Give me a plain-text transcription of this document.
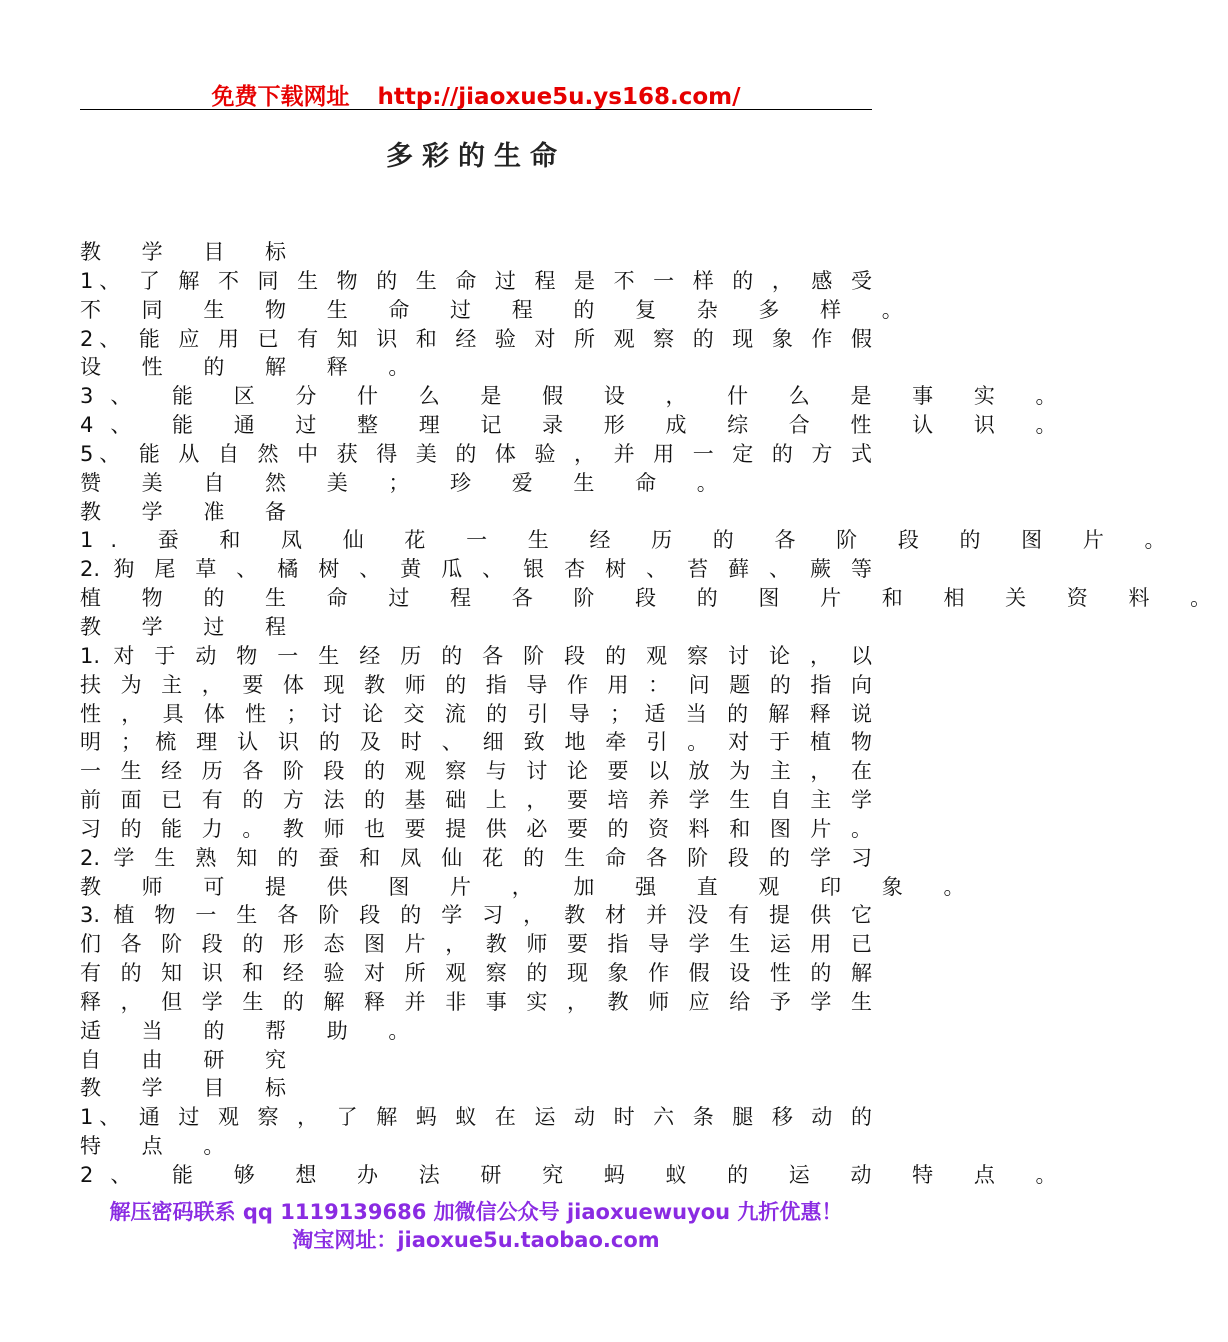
免费下载网址 http://jiaoxue5u.ys168.com/
多彩的生命
教 学 目 标
1、 了 解 不 同 生 物 的 生 命 过 程 是 不 一 样 的 ， 感 受
不 同 生 物 生 命 过 程 的 复 杂 多 样 。
2、 能 应 用 已 有 知 识 和 经 验 对 所 观 察 的 现 象 作 假
设 性 的 解 释 。
3、 能 区 分 什 么 是 假 设 ， 什 么 是 事 实 。
4、 能 通 过 整 理 记 录 形 成 综 合 性 认 识 。
5、 能 从 自 然 中 获 得 美 的 体 验 ， 并 用 一 定 的 方 式
赞 美 自 然 美 ； 珍 爱 生 命 。
教 学 准 备
1. 蚕 和 凤 仙 花 一 生 经 历 的 各 阶 段 的 图 片 。
2. 狗 尾 草 、 橘 树 、 黄 瓜 、 银 杏 树 、 苔 藓 、 蕨 等
植 物 的 生 命 过 程 各 阶 段 的 图 片 和 相 关 资 料 。
教 学 过 程
1. 对 于 动 物 一 生 经 历 的 各 阶 段 的 观 察 讨 论 ， 以
扶 为 主 ， 要 体 现 教 师 的 指 导 作 用 ： 问 题 的 指 向
性 ， 具 体 性 ； 讨 论 交 流 的 引 导 ； 适 当 的 解 释 说
明 ； 梳 理 认 识 的 及 时 、 细 致 地 牵 引 。 对 于 植 物
一 生 经 历 各 阶 段 的 观 察 与 讨 论 要 以 放 为 主 ， 在
前 面 已 有 的 方 法 的 基 础 上 ， 要 培 养 学 生 自 主 学
习 的 能 力 。 教 师 也 要 提 供 必 要 的 资 料 和 图 片 。
2. 学 生 熟 知 的 蚕 和 凤 仙 花 的 生 命 各 阶 段 的 学 习
教 师 可 提 供 图 片 ， 加 强 直 观 印 象 。
3. 植 物 一 生 各 阶 段 的 学 习 ， 教 材 并 没 有 提 供 它
们 各 阶 段 的 形 态 图 片 ， 教 师 要 指 导 学 生 运 用 已
有 的 知 识 和 经 验 对 所 观 察 的 现 象 作 假 设 性 的 解
释 ， 但 学 生 的 解 释 并 非 事 实 ， 教 师 应 给 予 学 生
适 当 的 帮 助 。
自 由 研 究
教 学 目 标
1、 通 过 观 察 ， 了 解 蚂 蚁 在 运 动 时 六 条 腿 移 动 的
特 点 。
2、 能 够 想 办 法 研 究 蚂 蚁 的 运 动 特 点 。
解压密码联系 qq 1119139686 加微信公众号 jiaoxuewuyou 九折优惠！
淘宝网址：jiaoxue5u.taobao.com
